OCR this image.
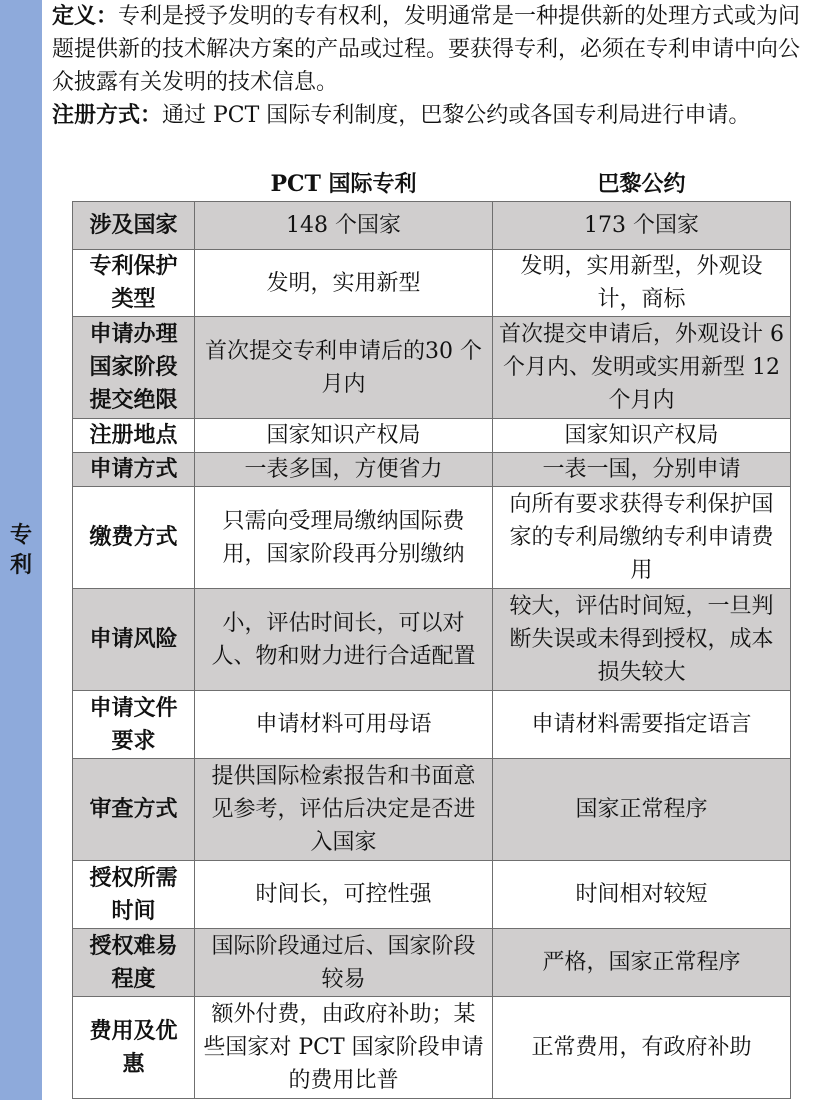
专
利

定义：专利是授予发明的专有权利，发明通常是一种提供新的处理方式或为问题提供新的技术解决方案的产品或过程。要获得专利，必须在专利申请中向公众披露有关发明的技术信息。

注册方式：通过 PCT 国际专利制度，巴黎公约或各国专利局进行申请。

	PCT 国际专利	巴黎公约
涉及国家	148 个国家	173 个国家
专利保护类型	发明，实用新型	发明，实用新型，外观设计，商标
申请办理国家阶段提交绝限	首次提交专利申请后的30 个月内	首次提交申请后，外观设计 6 个月内、发明或实用新型 12 个月内
注册地点	国家知识产权局	国家知识产权局
申请方式	一表多国，方便省力	一表一国，分别申请
缴费方式	只需向受理局缴纳国际费用，国家阶段再分别缴纳	向所有要求获得专利保护国家的专利局缴纳专利申请费用
申请风险	小，评估时间长，可以对人、物和财力进行合适配置	较大，评估时间短，一旦判断失误或未得到授权，成本损失较大
申请文件要求	申请材料可用母语	申请材料需要指定语言
审查方式	提供国际检索报告和书面意见参考，评估后决定是否进入国家	国家正常程序
授权所需时间	时间长，可控性强	时间相对较短
授权难易程度	国际阶段通过后、国家阶段较易	严格，国家正常程序
费用及优惠	额外付费，由政府补助；某些国家对 PCT 国家阶段申请的费用比普	正常费用，有政府补助
